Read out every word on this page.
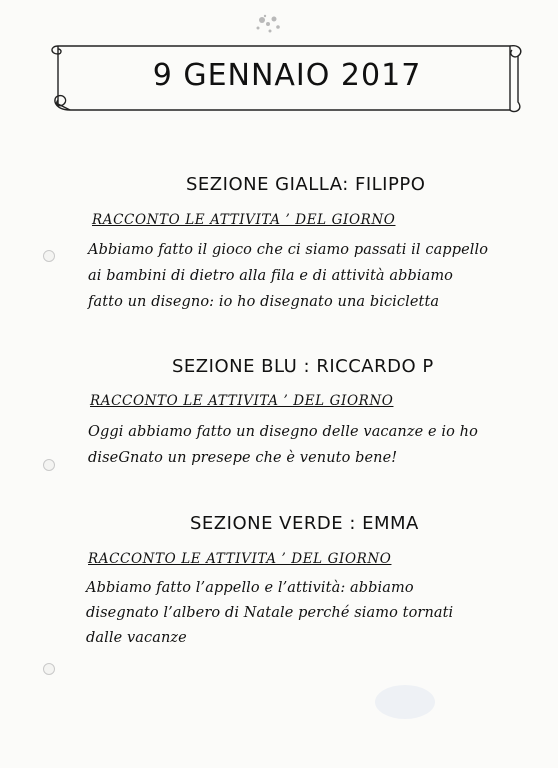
9 GENNAIO 2017
SEZIONE GIALLA: FILIPPO
RACCONTO LE ATTIVITA ’ DEL GIORNO
Abbiamo fatto il gioco che ci siamo passati il cappello
ai bambini di dietro alla fila e di attività abbiamo
fatto un disegno: io ho disegnato una bicicletta
SEZIONE BLU : RICCARDO P
RACCONTO LE ATTIVITA ’ DEL GIORNO
Oggi abbiamo fatto un disegno delle vacanze e io ho
diseGnato un presepe che è venuto bene!
SEZIONE VERDE : EMMA
RACCONTO LE ATTIVITA ’ DEL GIORNO
Abbiamo fatto l’appello e l’attività: abbiamo
disegnato l’albero di Natale perché siamo tornati
dalle vacanze
